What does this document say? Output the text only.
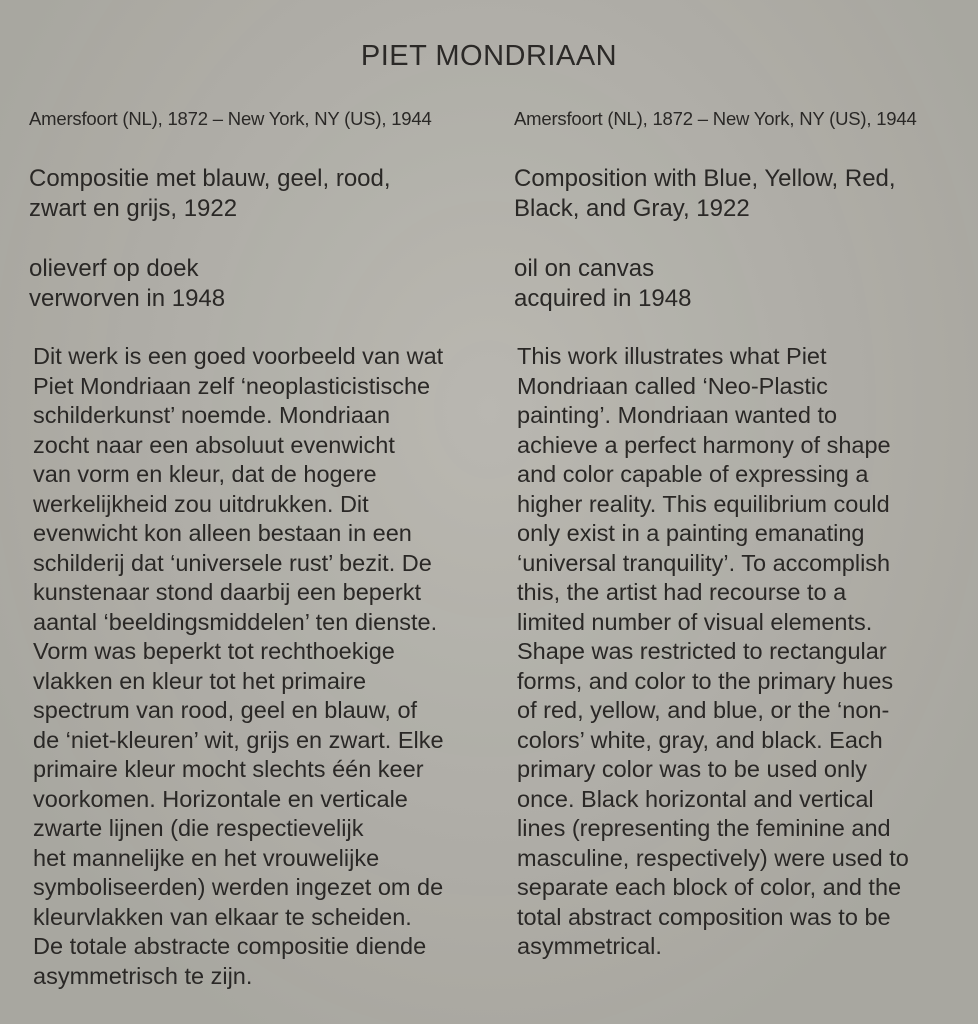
PIET MONDRIAAN
Amersfoort (NL), 1872 – New York, NY (US), 1944
Compositie met blauw, geel, rood,
zwart en grijs, 1922
olieverf op doek
verworven in 1948
Dit werk is een goed voorbeeld van wat
Piet Mondriaan zelf ‘neoplasticistische
schilderkunst’ noemde. Mondriaan
zocht naar een absoluut evenwicht
van vorm en kleur, dat de hogere
werkelijkheid zou uitdrukken. Dit
evenwicht kon alleen bestaan in een
schilderij dat ‘universele rust’ bezit. De
kunstenaar stond daarbij een beperkt
aantal ‘beeldingsmiddelen’ ten dienste.
Vorm was beperkt tot rechthoekige
vlakken en kleur tot het primaire
spectrum van rood, geel en blauw, of
de ‘niet-kleuren’ wit, grijs en zwart. Elke
primaire kleur mocht slechts één keer
voorkomen. Horizontale en verticale
zwarte lijnen (die respectievelijk
het mannelijke en het vrouwelijke
symboliseerden) werden ingezet om de
kleurvlakken van elkaar te scheiden.
De totale abstracte compositie diende
asymmetrisch te zijn.
Amersfoort (NL), 1872 – New York, NY (US), 1944
Composition with Blue, Yellow, Red,
Black, and Gray, 1922
oil on canvas
acquired in 1948
This work illustrates what Piet
Mondriaan called ‘Neo-Plastic
painting’. Mondriaan wanted to
achieve a perfect harmony of shape
and color capable of expressing a
higher reality. This equilibrium could
only exist in a painting emanating
‘universal tranquility’. To accomplish
this, the artist had recourse to a
limited number of visual elements.
Shape was restricted to rectangular
forms, and color to the primary hues
of red, yellow, and blue, or the ‘non-
colors’ white, gray, and black. Each
primary color was to be used only
once. Black horizontal and vertical
lines (representing the feminine and
masculine, respectively) were used to
separate each block of color, and the
total abstract composition was to be
asymmetrical.
